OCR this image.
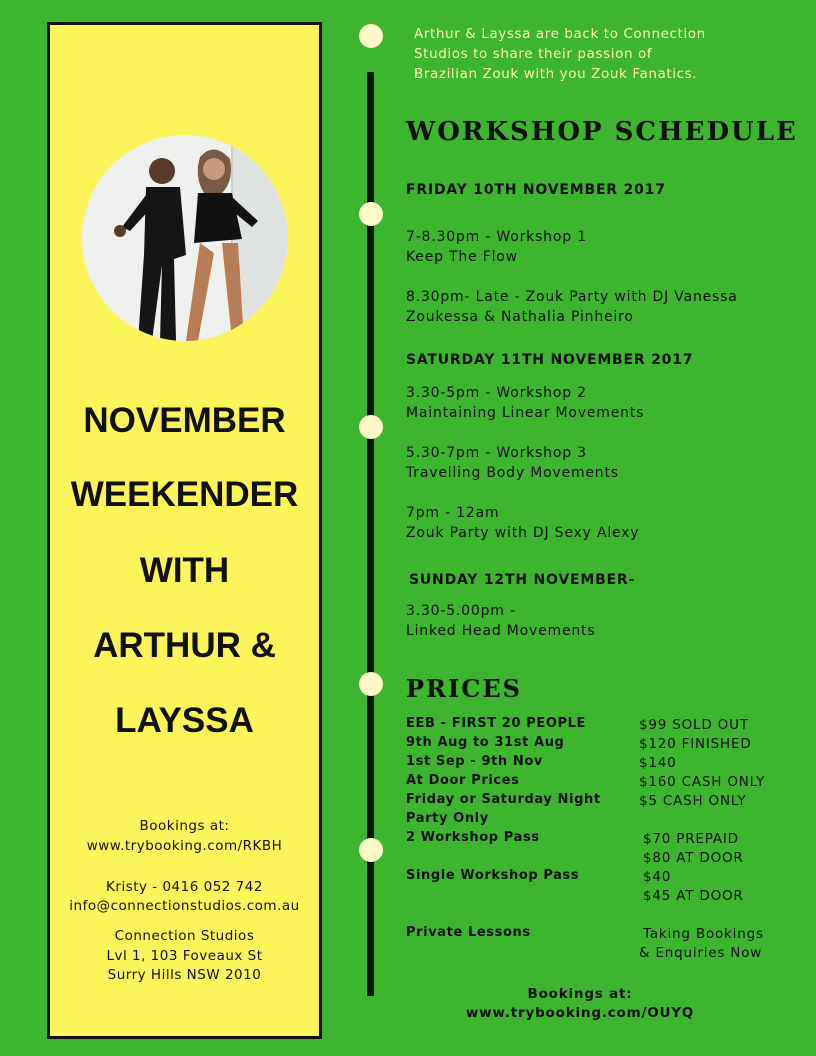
NOVEMBER
WEEKENDER
WITH
ARTHUR &
LAYSSA
Bookings at:
www.trybooking.com/RKBH
Kristy - 0416 052 742
info@connectionstudios.com.au
Connection Studios
Lvl 1, 103 Foveaux St
Surry Hills NSW 2010
Arthur & Layssa are back to Connection
Studios to share their passion of
Brazilian Zouk with you Zouk Fanatics.
WORKSHOP SCHEDULE
FRIDAY 10TH NOVEMBER 2017
7-8.30pm - Workshop 1
Keep The Flow
8.30pm- Late - Zouk Party with DJ Vanessa
Zoukessa & Nathalia Pinheiro
SATURDAY 11TH NOVEMBER 2017
3.30-5pm - Workshop 2
Maintaining Linear Movements
5.30-7pm - Workshop 3
Travelling Body Movements
7pm - 12am
Zouk Party with DJ Sexy Alexy
SUNDAY 12TH NOVEMBER-
3.30-5.00pm -
Linked Head Movements
PRICES
EEB - FIRST 20 PEOPLE
9th Aug to 31st Aug
1st Sep - 9th Nov
At Door Prices
Friday or Saturday Night
Party Only
2 Workshop Pass
Single Workshop Pass
Private Lessons
$99 SOLD OUT
$120 FINISHED
$140
$160 CASH ONLY
$5 CASH ONLY
$70 PREPAID
$80 AT DOOR
$40
$45 AT DOOR
Taking Bookings
& Enquiries Now
Bookings at:
www.trybooking.com/OUYQ
